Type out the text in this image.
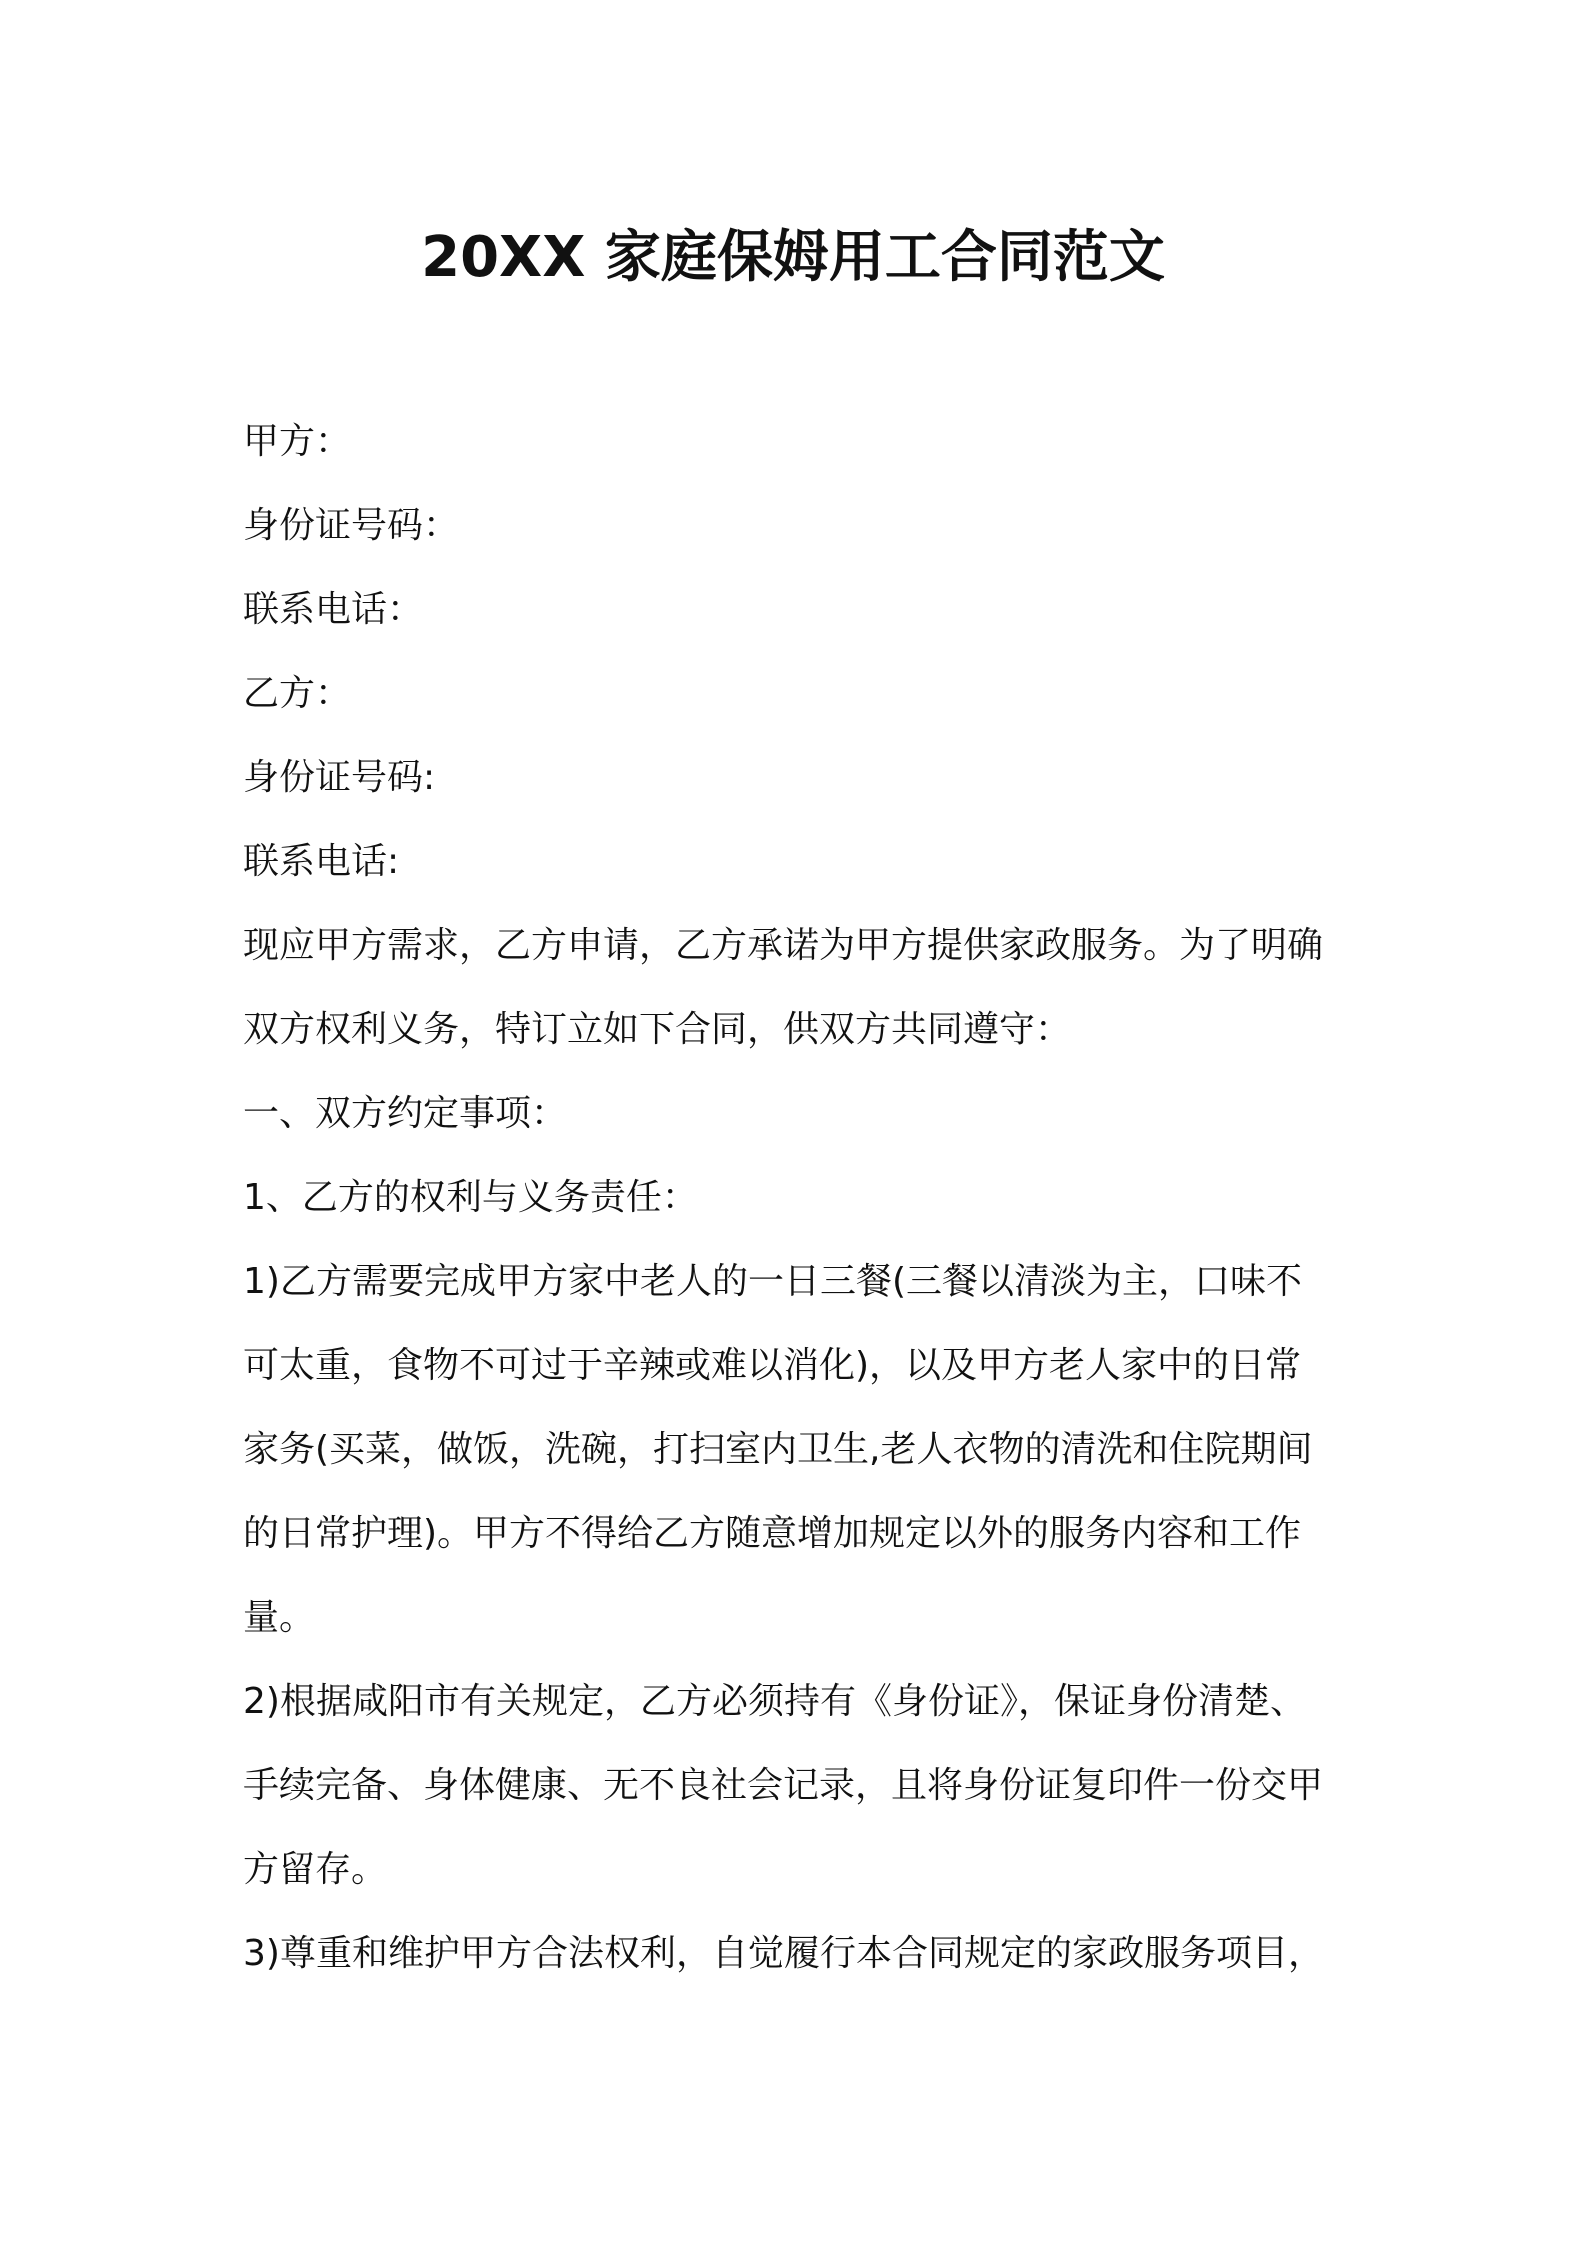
20XX 家庭保姆用工合同范文
甲方：
身份证号码：
联系电话：
乙方：
身份证号码:
联系电话:
现应甲方需求，乙方申请，乙方承诺为甲方提供家政服务。为了明确
双方权利义务，特订立如下合同，供双方共同遵守：
一、双方约定事项：
1、乙方的权利与义务责任：
1)乙方需要完成甲方家中老人的一日三餐(三餐以清淡为主，口味不
可太重，食物不可过于辛辣或难以消化)，以及甲方老人家中的日常
家务(买菜，做饭，洗碗，打扫室内卫生,老人衣物的清洗和住院期间
的日常护理)。甲方不得给乙方随意增加规定以外的服务内容和工作
量。
2)根据咸阳市有关规定，乙方必须持有《身份证》，保证身份清楚、
手续完备、身体健康、无不良社会记录，且将身份证复印件一份交甲
方留存。
3)尊重和维护甲方合法权利，自觉履行本合同规定的家政服务项目，
